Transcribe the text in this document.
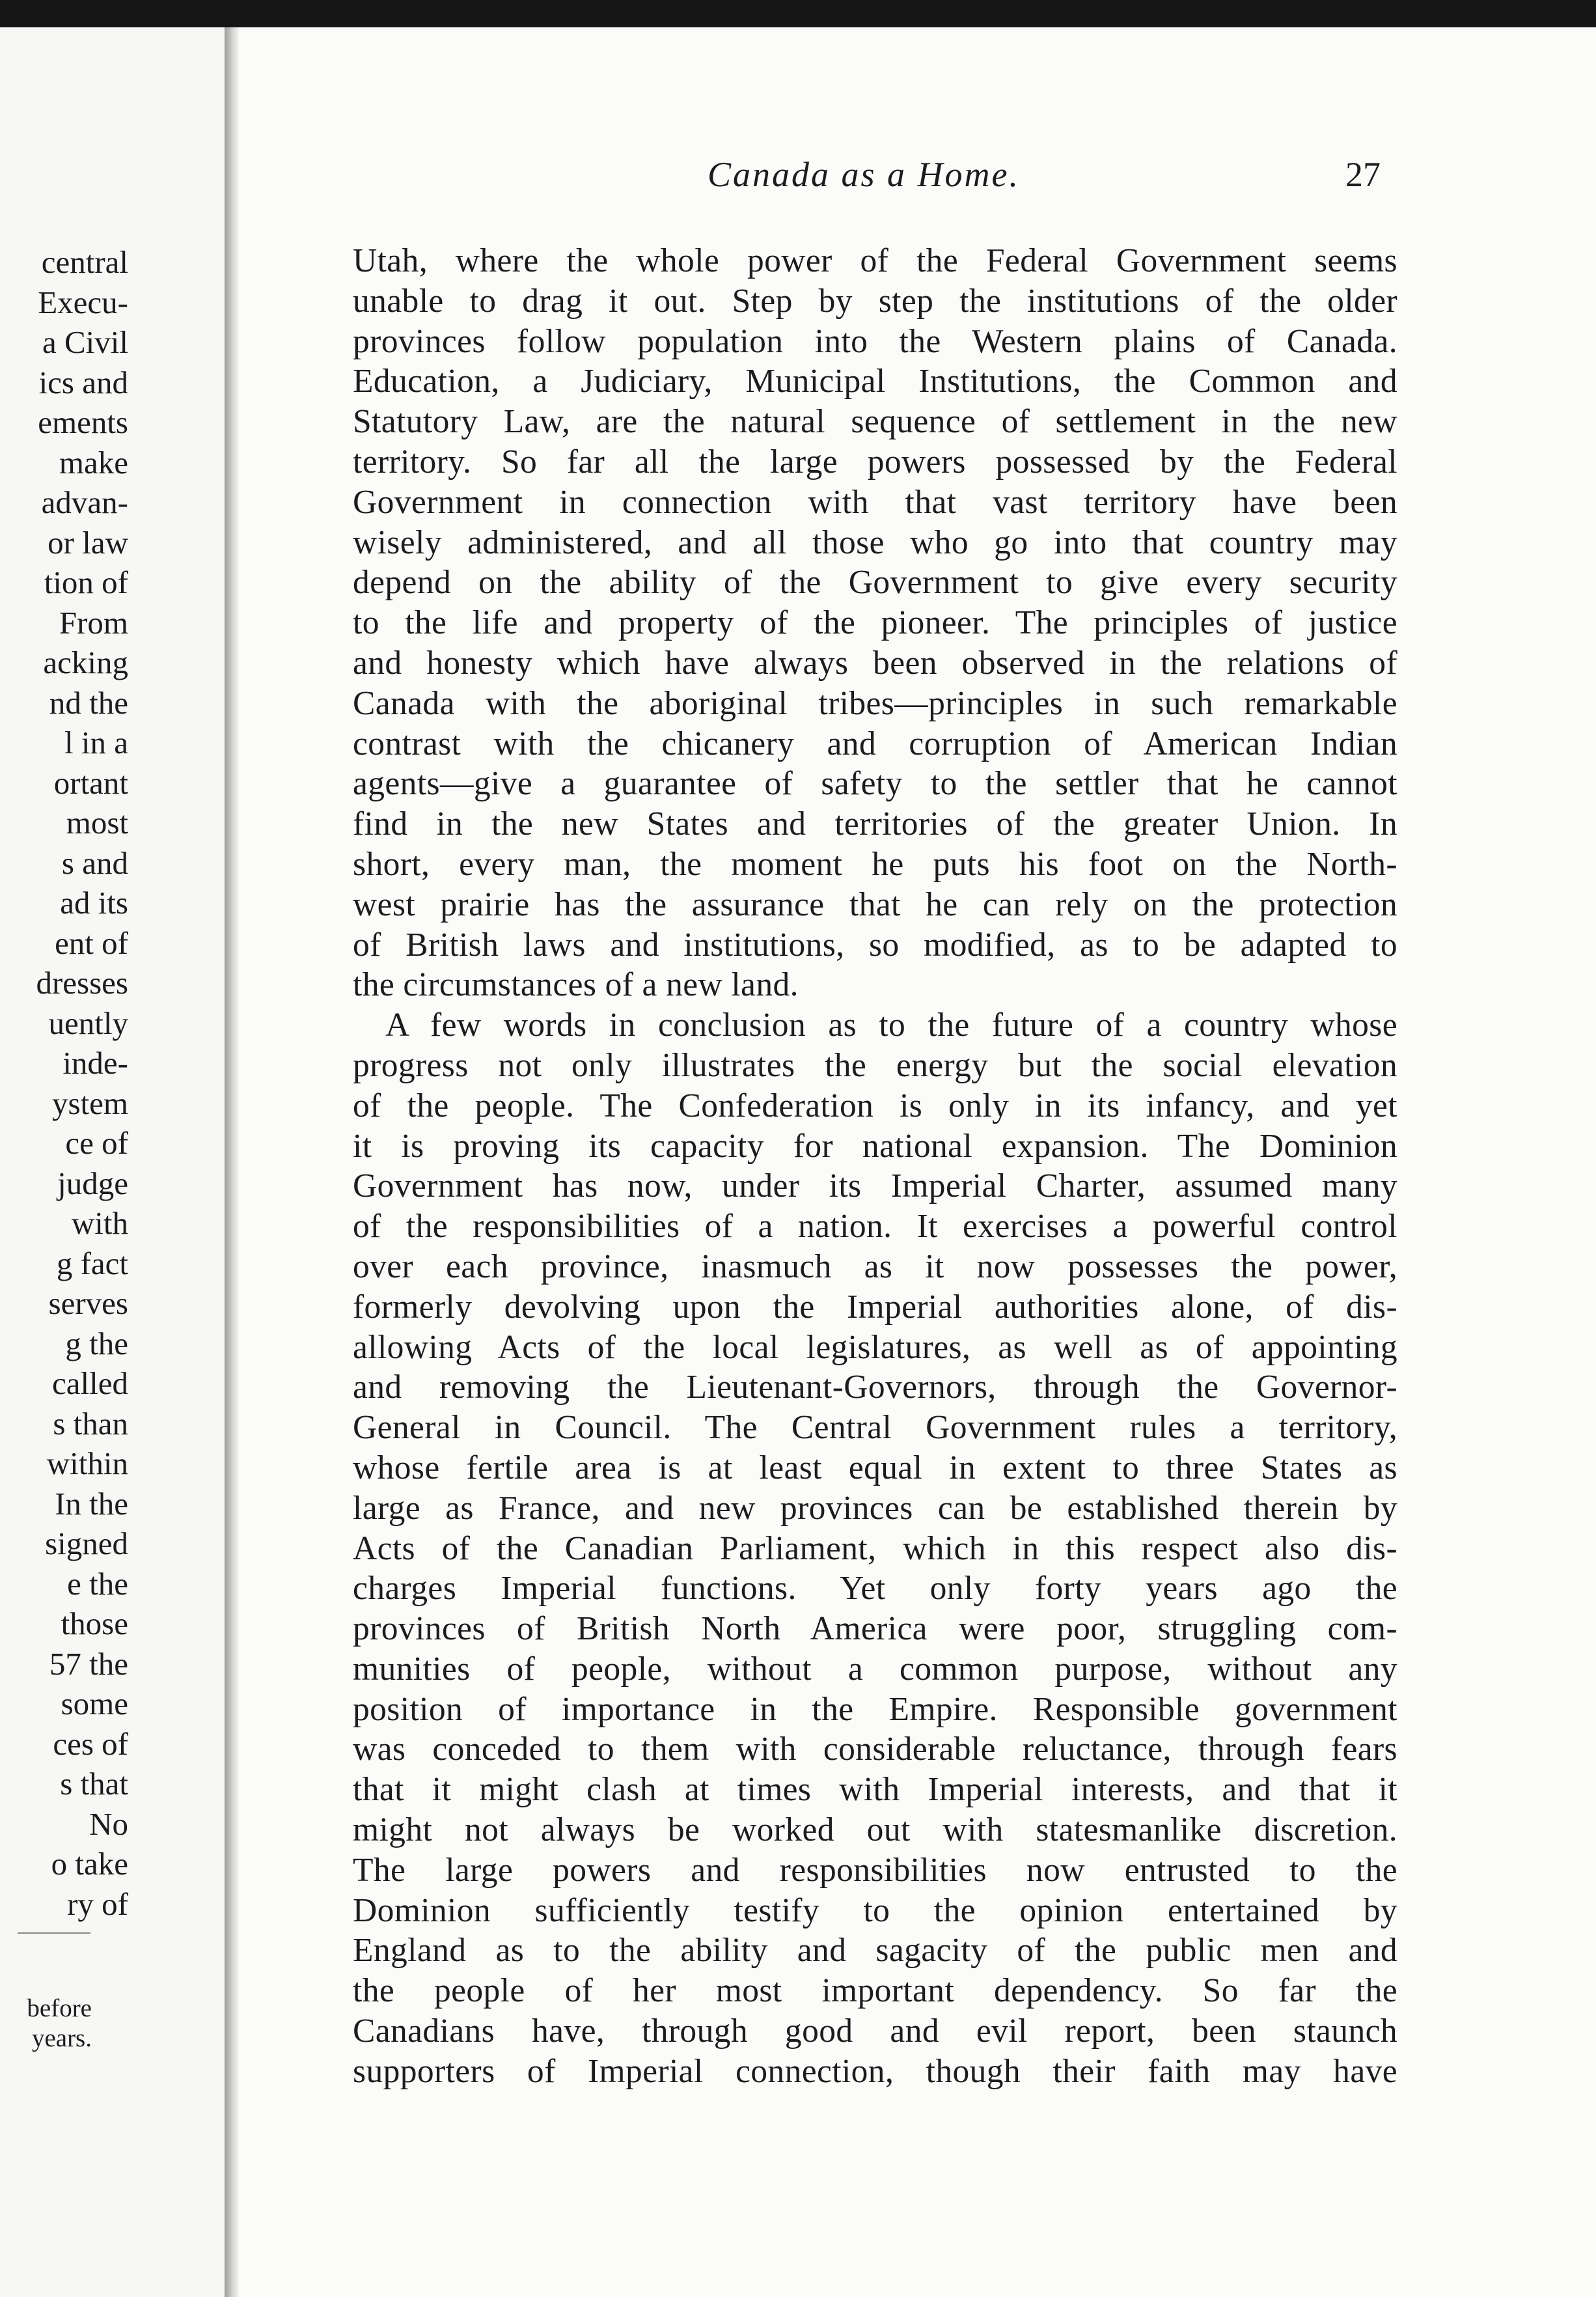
central
Execu-
a Civil
ics and
ements
make
advan-
or law
tion of
From
acking
nd the
l in a
ortant
most
s and
ad its
ent of
dresses
uently
inde-
ystem
ce of
judge
with
g fact
serves
g the
called
s than
within
In the
signed
e the
those
57 the
some
ces of
s that
No
o take
ry of
before
years.
Canada as a Home.	27
Utah, where the whole power of the Federal Government seems
unable to drag it out. Step by step the institutions of the older
provinces follow population into the Western plains of Canada.
Education, a Judiciary, Municipal Institutions, the Common and
Statutory Law, are the natural sequence of settlement in the new
territory. So far all the large powers possessed by the Federal
Government in connection with that vast territory have been
wisely administered, and all those who go into that country may
depend on the ability of the Government to give every security
to the life and property of the pioneer. The principles of justice
and honesty which have always been observed in the relations of
Canada with the aboriginal tribes—principles in such remarkable
contrast with the chicanery and corruption of American Indian
agents—give a guarantee of safety to the settler that he cannot
find in the new States and territories of the greater Union. In
short, every man, the moment he puts his foot on the North-
west prairie has the assurance that he can rely on the protection
of British laws and institutions, so modified, as to be adapted to
the circumstances of a new land.
A few words in conclusion as to the future of a country whose
progress not only illustrates the energy but the social elevation
of the people. The Confederation is only in its infancy, and yet
it is proving its capacity for national expansion. The Dominion
Government has now, under its Imperial Charter, assumed many
of the responsibilities of a nation. It exercises a powerful control
over each province, inasmuch as it now possesses the power,
formerly devolving upon the Imperial authorities alone, of dis-
allowing Acts of the local legislatures, as well as of appointing
and removing the Lieutenant-Governors, through the Governor-
General in Council. The Central Government rules a territory,
whose fertile area is at least equal in extent to three States as
large as France, and new provinces can be established therein by
Acts of the Canadian Parliament, which in this respect also dis-
charges Imperial functions. Yet only forty years ago the
provinces of British North America were poor, struggling com-
munities of people, without a common purpose, without any
position of importance in the Empire. Responsible government
was conceded to them with considerable reluctance, through fears
that it might clash at times with Imperial interests, and that it
might not always be worked out with statesmanlike discretion.
The large powers and responsibilities now entrusted to the
Dominion sufficiently testify to the opinion entertained by
England as to the ability and sagacity of the public men and
the people of her most important dependency. So far the
Canadians have, through good and evil report, been staunch
supporters of Imperial connection, though their faith may have
